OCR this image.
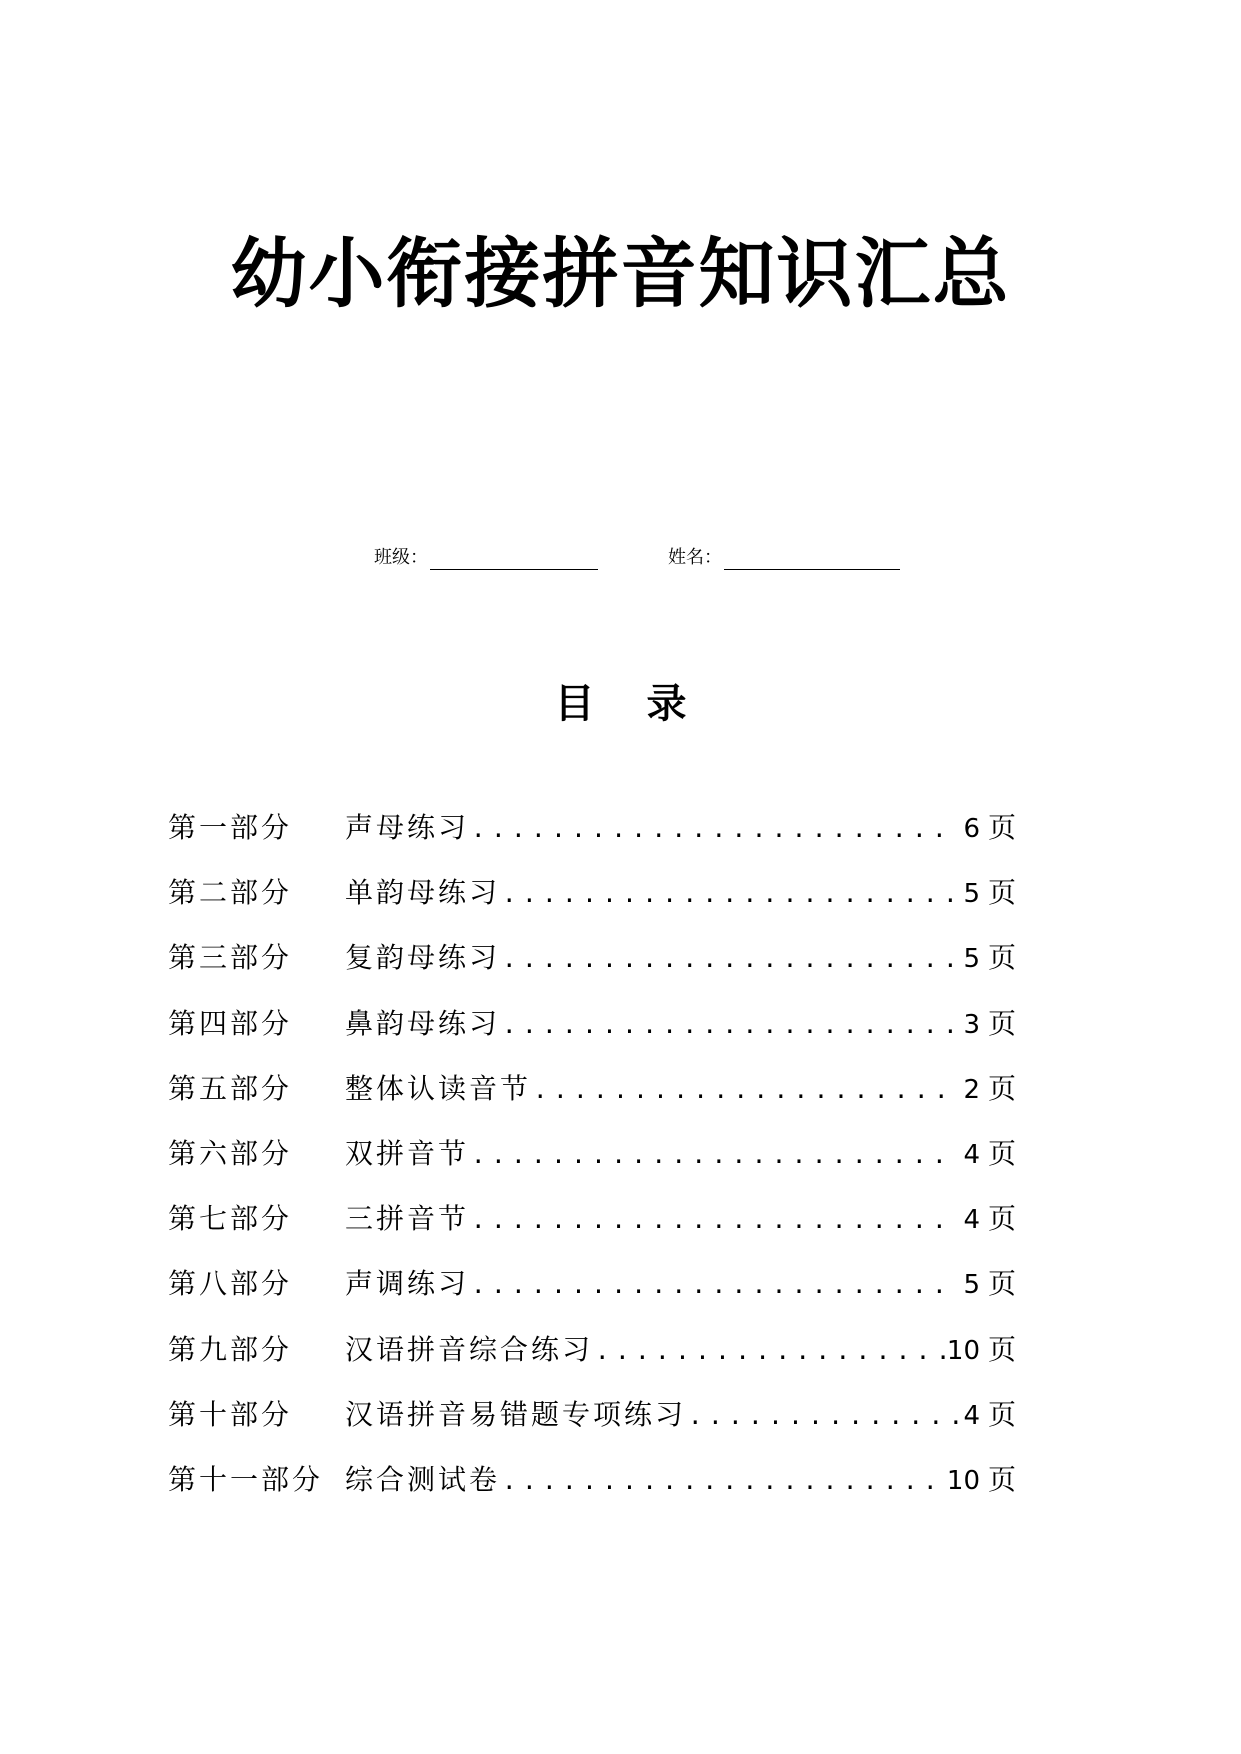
幼小衔接拼音知识汇总
班级：	姓名：
目 录
第一部分	声母练习 .....	6 页
第二部分	单韵母练习 .....	5 页
第三部分	复韵母练习 .....	5 页
第四部分	鼻韵母练习 .....	3 页
第五部分	整体认读音节 .....	2 页
第六部分	双拼音节 .....	4 页
第七部分	三拼音节 .....	4 页
第八部分	声调练习 .....	5 页
第九部分	汉语拼音综合练习 .....	10 页
第十部分	汉语拼音易错题专项练习 .....	4 页
第十一部分 综合测试卷 .....	10 页
